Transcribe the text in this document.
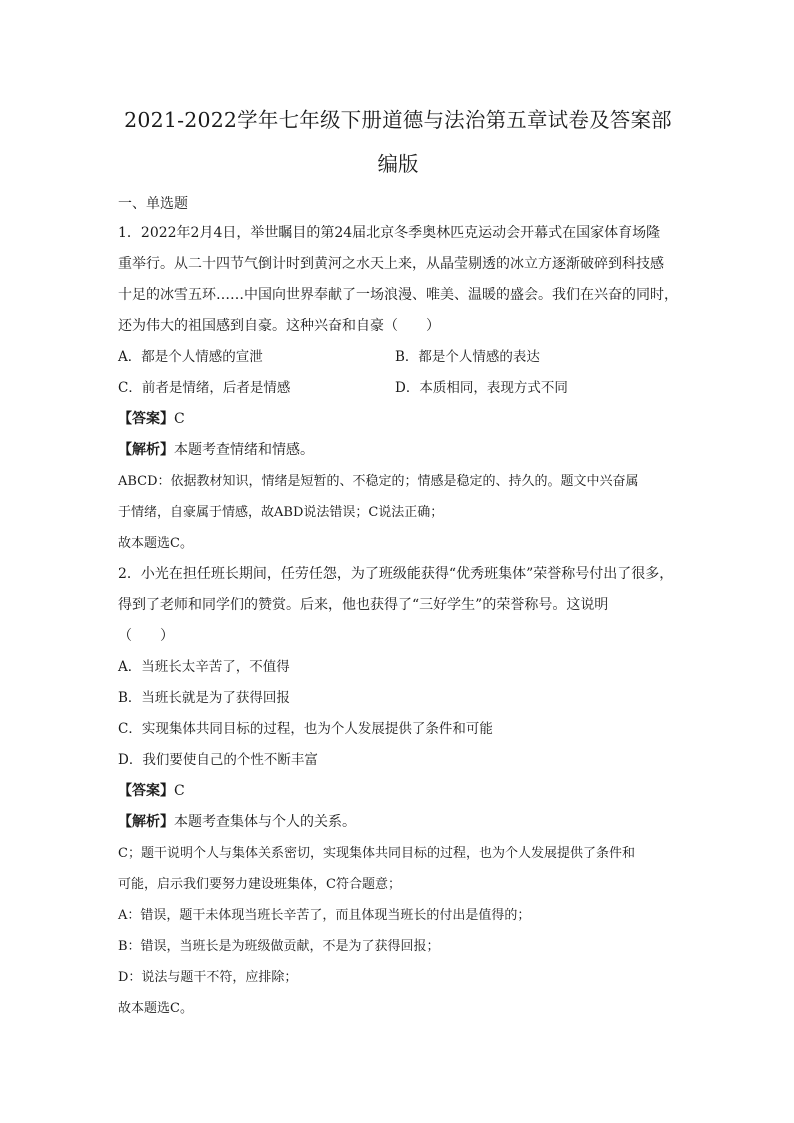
2021-2022学年七年级下册道德与法治第五章试卷及答案部
编版
一、单选题

1．2022年2月4日，举世瞩目的第24届北京冬季奥林匹克运动会开幕式在国家体育场隆

重举行。从二十四节气倒计时到黄河之水天上来，从晶莹剔透的冰立方逐渐破碎到科技感

十足的冰雪五环……中国向世界奉献了一场浪漫、唯美、温暖的盛会。我们在兴奋的同时，

还为伟大的祖国感到自豪。这种兴奋和自豪（　　）

A．都是个人情感的宣泄	B．都是个人情感的表达
C．前者是情绪，后者是情感	D．本质相同，表现方式不同

【答案】C

【解析】本题考查情绪和情感。

ABCD：依据教材知识，情绪是短暂的、不稳定的；情感是稳定的、持久的。题文中兴奋属

于情绪，自豪属于情感，故ABD说法错误；C说法正确；

故本题选C。

2．小光在担任班长期间，任劳任怨，为了班级能获得“优秀班集体”荣誉称号付出了很多，

得到了老师和同学们的赞赏。后来，他也获得了“三好学生”的荣誉称号。这说明

（　　）

A．当班长太辛苦了，不值得
B．当班长就是为了获得回报
C．实现集体共同目标的过程，也为个人发展提供了条件和可能
D．我们要使自己的个性不断丰富

【答案】C

【解析】本题考查集体与个人的关系。

C；题干说明个人与集体关系密切，实现集体共同目标的过程，也为个人发展提供了条件和

可能，启示我们要努力建设班集体，C符合题意；

A：错误，题干未体现当班长辛苦了，而且体现当班长的付出是值得的；

B：错误，当班长是为班级做贡献，不是为了获得回报；

D：说法与题干不符，应排除；

故本题选C。
